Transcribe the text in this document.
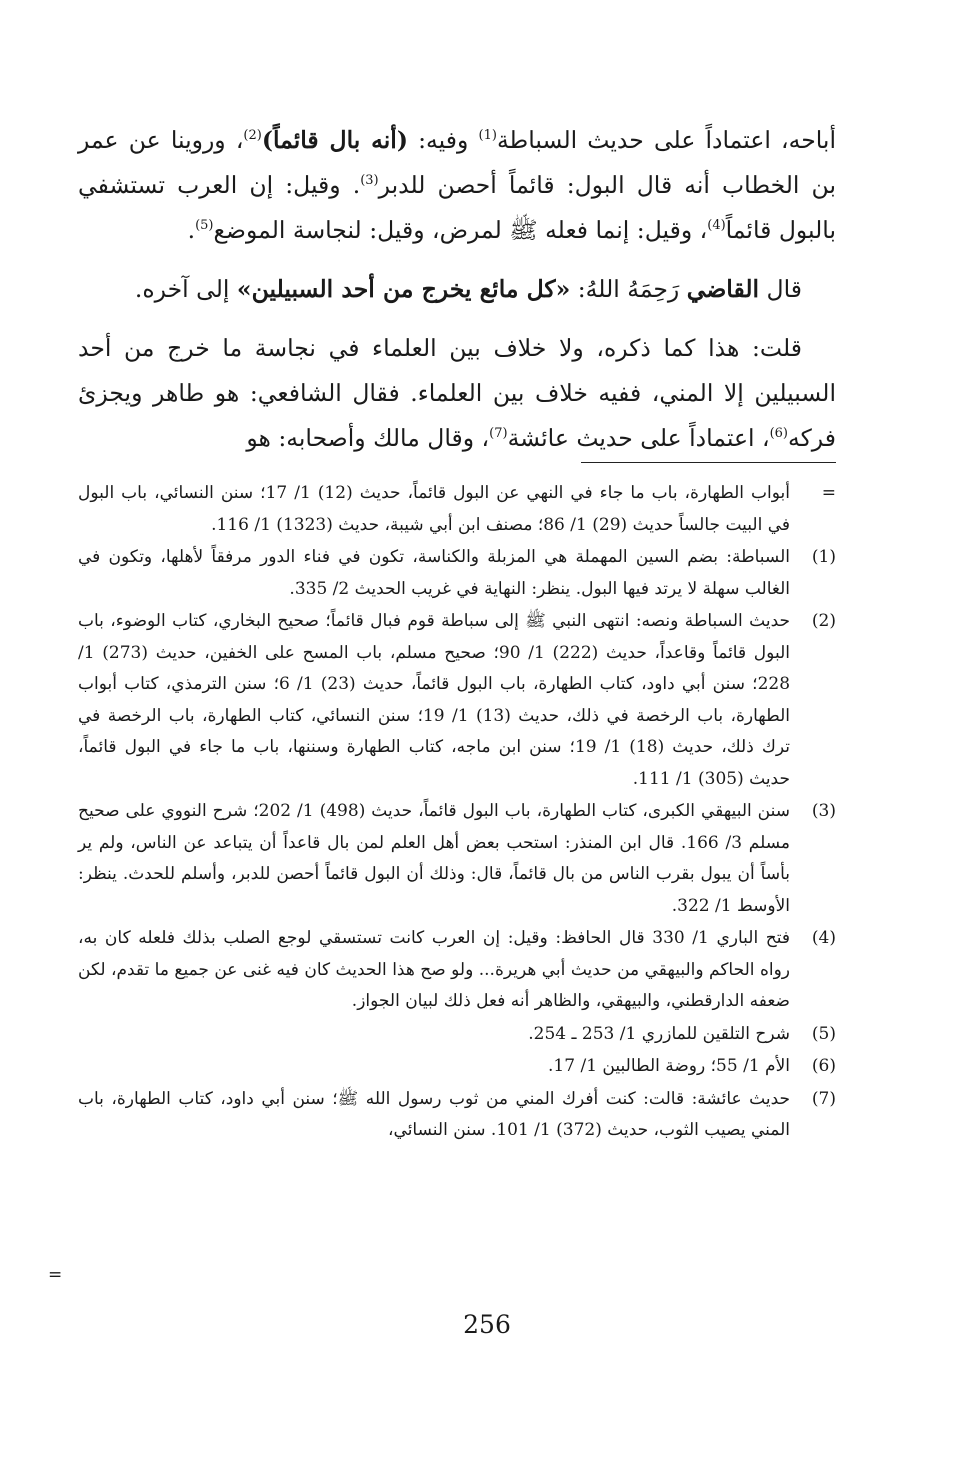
أباحه، اعتماداً على حديث السباطة$^{(1)}$ وفيه: (أنه بال قائماً)$^{(2)}$، وروينا عن عمر بن الخطاب أنه قال البول: قائماً أحصن للدبر$^{(3)}$. وقيل: إن العرب تستشفي بالبول قائماً$^{(4)}$، وقيل: إنما فعله ﷺ لمرض، وقيل: لنجاسة الموضع$^{(5)}$.

قال القاضي رَحِمَهُ اللهُ: «كل مائع يخرج من أحد السبيلين» إلى آخره.

قلت: هذا كما ذكره، ولا خلاف بين العلماء في نجاسة ما خرج من أحد السبيلين إلا المني، ففيه خلاف بين العلماء. فقال الشافعي: هو طاهر ويجزئ فركه$^{(6)}$، اعتماداً على حديث عائشة$^{(7)}$، وقال مالك وأصحابه: هو

=
أبواب الطهارة، باب ما جاء في النهي عن البول قائماً، حديث (12) 1/ 17؛ سنن النسائي، باب البول في البيت جالساً حديث (29) 1/ 86؛ مصنف ابن أبي شيبة، حديث (1323) 1/ 116.
(1)
السباطة: بضم السين المهملة هي المزبلة والكناسة، تكون في فناء الدور مرفقاً لأهلها، وتكون في الغالب سهلة لا يرتد فيها البول. ينظر: النهاية في غريب الحديث 2/ 335.
(2)
حديث السباطة ونصه: انتهى النبي ﷺ إلى سباطة قوم فبال قائماً؛ صحيح البخاري، كتاب الوضوء، باب البول قائماً وقاعداً، حديث (222) 1/ 90؛ صحيح مسلم، باب المسح على الخفين، حديث (273) 1/ 228؛ سنن أبي داود، كتاب الطهارة، باب البول قائماً، حديث (23) 1/ 6؛ سنن الترمذي، كتاب أبواب الطهارة، باب الرخصة في ذلك، حديث (13) 1/ 19؛ سنن النسائي، كتاب الطهارة، باب الرخصة في ترك ذلك، حديث (18) 1/ 19؛ سنن ابن ماجه، كتاب الطهارة وسننها، باب ما جاء في البول قائماً، حديث (305) 1/ 111.
(3)
سنن البيهقي الكبرى، كتاب الطهارة، باب البول قائماً، حديث (498) 1/ 202؛ شرح النووي على صحيح مسلم 3/ 166. قال ابن المنذر: استحب بعض أهل العلم لمن بال قاعداً أن يتباعد عن الناس، ولم ير بأساً أن يبول بقرب الناس من بال قائماً، قال: وذلك أن البول قائماً أحصن للدبر، وأسلم للحدث. ينظر: الأوسط 1/ 322.
(4)
فتح الباري 1/ 330 قال الحافظ: وقيل: إن العرب كانت تستسقي لوجع الصلب بذلك فلعله كان به، رواه الحاكم والبيهقي من حديث أبي هريرة... ولو صح هذا الحديث كان فيه غنى عن جميع ما تقدم، لكن ضعفه الدارقطني، والبيهقي، والظاهر أنه فعل ذلك لبيان الجواز.
(5)
شرح التلقين للمازري 1/ 253 ـ 254.
(6)
الأم 1/ 55؛ روضة الطالبين 1/ 17.
(7)
حديث عائشة: قالت: كنت أفرك المني من ثوب رسول الله ﷺ؛ سنن أبي داود، كتاب الطهارة، باب المني يصيب الثوب، حديث (372) 1/ 101. سنن النسائي،
=
256
